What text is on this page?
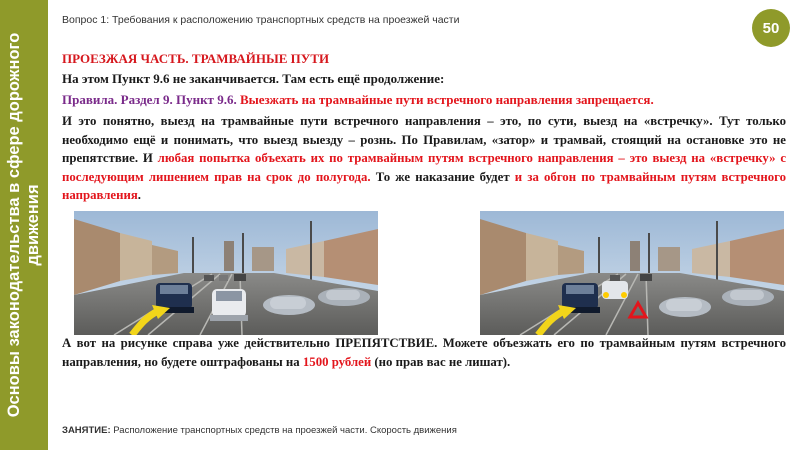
Основы законодательства в сфере дорожного движения
Вопрос 1: Требования к расположению транспортных средств на проезжей части	50
ПРОЕЗЖАЯ ЧАСТЬ. ТРАМВАЙНЫЕ ПУТИ
На этом Пункт 9.6 не заканчивается. Там есть ещё продолжение:
Правила. Раздел 9. Пункт 9.6. Выезжать на трамвайные пути встречного направления запрещается.
И это понятно, выезд на трамвайные пути встречного направления – это, по сути, выезд на «встречку». Тут только необходимо ещё и понимать, что выезд выезду – рознь. По Правилам, «затор» и трамвай, стоящий на остановке это не препятствие. И любая попытка объехать их по трамвайным путям встречного направления – это выезд на «встречку» с последующим лишением прав на срок до полугода. То же наказание будет и за обгон по трамвайным путям встречного направления.
А вот на рисунке справа уже действительно ПРЕПЯТСТВИЕ. Можете объезжать его по трамвайным путям встречного направления, но будете оштрафованы на 1500 рублей (но прав вас не лишат).
ЗАНЯТИЕ: Расположение транспортных средств на проезжей части. Скорость движения
